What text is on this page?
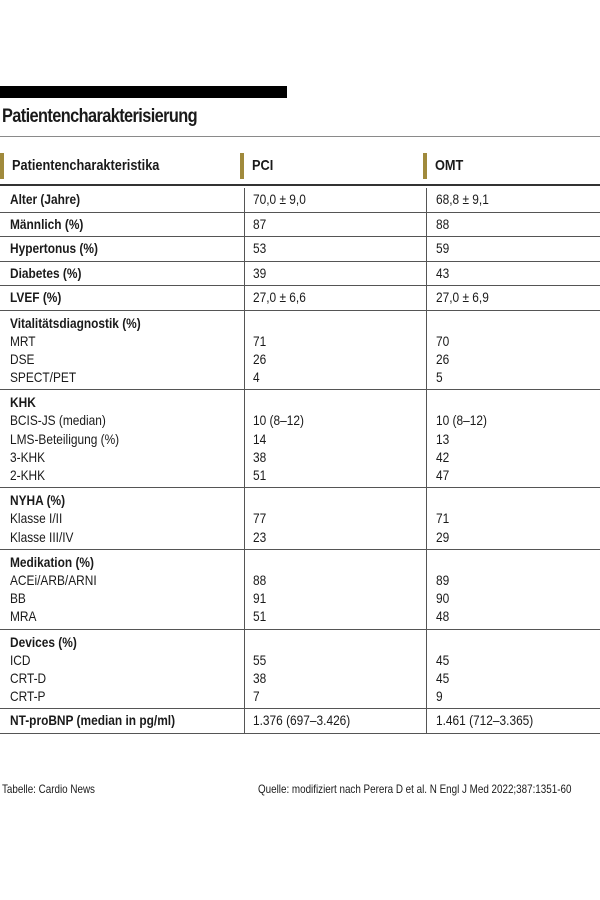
Patientencharakterisierung
Patientencharakteristika	PCI	OMT
Alter (Jahre)	70,0 ± 9,0	68,8 ± 9,1
Männlich (%)	87	88
Hypertonus (%)	53	59
Diabetes (%)	39	43
LVEF (%)	27,0 ± 6,6	27,0 ± 6,9
Vitalitätsdiagnostik (%)
MRT	71	70
DSE	26	26
SPECT/PET	4	5
KHK
BCIS-JS (median)	10 (8–12)	10 (8–12)
LMS-Beteiligung (%)	14	13
3-KHK	38	42
2-KHK	51	47
NYHA (%)
Klasse I/II	77	71
Klasse III/IV	23	29
Medikation (%)
ACEi/ARB/ARNI	88	89
BB	91	90
MRA	51	48
Devices (%)
ICD	55	45
CRT-D	38	45
CRT-P	7	9
NT-proBNP (median in pg/ml)	1.376 (697–3.426)	1.461 (712–3.365)
Tabelle: Cardio News	Quelle: modifiziert nach Perera D et al. N Engl J Med 2022;387:1351-60
